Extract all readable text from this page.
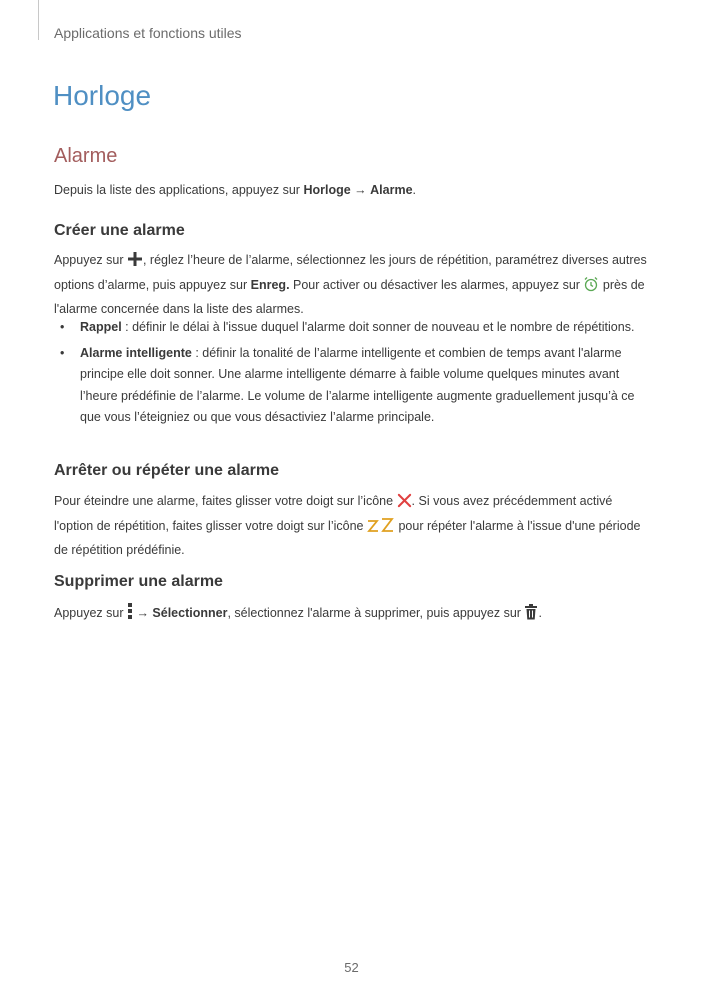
Applications et fonctions utiles
Horloge
Alarme

Depuis la liste des applications, appuyez sur Horloge → Alarme.

Créer une alarme

Appuyez sur , réglez l’heure de l’alarme, sélectionnez les jours de répétition, paramétrez diverses autres options d’alarme, puis appuyez sur Enreg. Pour activer ou désactiver les alarmes, appuyez sur  près de l'alarme concernée dans la liste des alarmes.

• Rappel : définir le délai à l'issue duquel l'alarme doit sonner de nouveau et le nombre de répétitions.
• Alarme intelligente : définir la tonalité de l’alarme intelligente et combien de temps avant l'alarme principe elle doit sonner. Une alarme intelligente démarre à faible volume quelques minutes avant l’heure prédéfinie de l’alarme. Le volume de l’alarme intelligente augmente graduellement jusqu’à ce que vous l’éteigniez ou que vous désactiviez l’alarme principale.
Arrêter ou répéter une alarme

Pour éteindre une alarme, faites glisser votre doigt sur l’icône . Si vous avez précédemment activé l'option de répétition, faites glisser votre doigt sur l’icône  pour répéter l'alarme à l'issue d'une période de répétition prédéfinie.

Supprimer une alarme

Appuyez sur  → Sélectionner, sélectionnez l'alarme à supprimer, puis appuyez sur .

52
